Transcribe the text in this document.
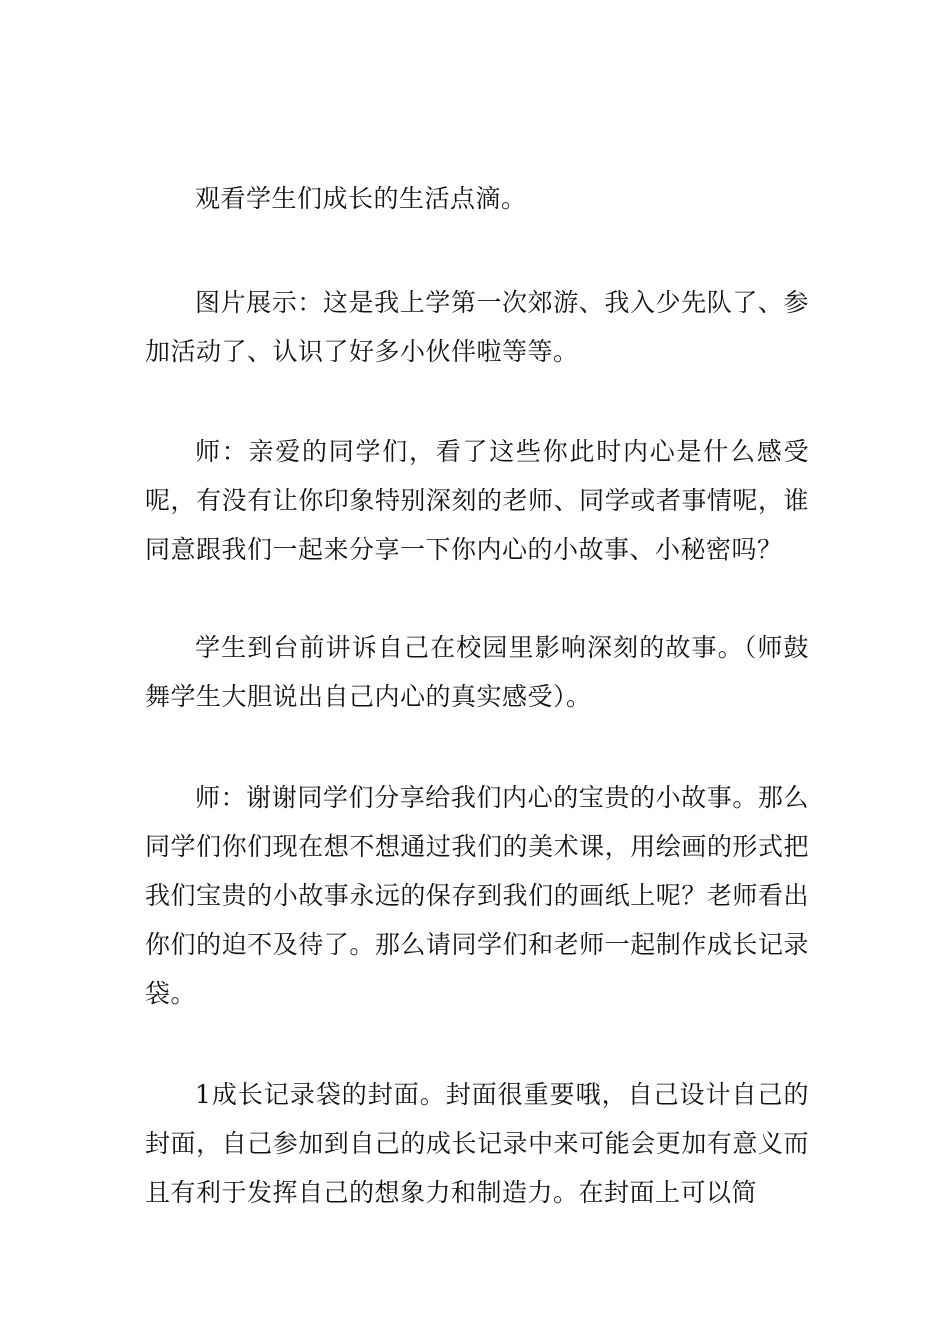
观看学生们成长的生活点滴。

图片展示：这是我上学第一次郊游、我入少先队了、参加活动了、认识了好多小伙伴啦等等。

师：亲爱的同学们，看了这些你此时内心是什么感受呢，有没有让你印象特别深刻的老师、同学或者事情呢，谁同意跟我们一起来分享一下你内心的小故事、小秘密吗？

学生到台前讲诉自己在校园里影响深刻的故事。（师鼓舞学生大胆说出自己内心的真实感受）。

师：谢谢同学们分享给我们内心的宝贵的小故事。那么同学们你们现在想不想通过我们的美术课，用绘画的形式把我们宝贵的小故事永远的保存到我们的画纸上呢？老师看出你们的迫不及待了。那么请同学们和老师一起制作成长记录袋。

1成长记录袋的封面。封面很重要哦，自己设计自己的封面，自己参加到自己的成长记录中来可能会更加有意义而且有利于发挥自己的想象力和制造力。在封面上可以简
